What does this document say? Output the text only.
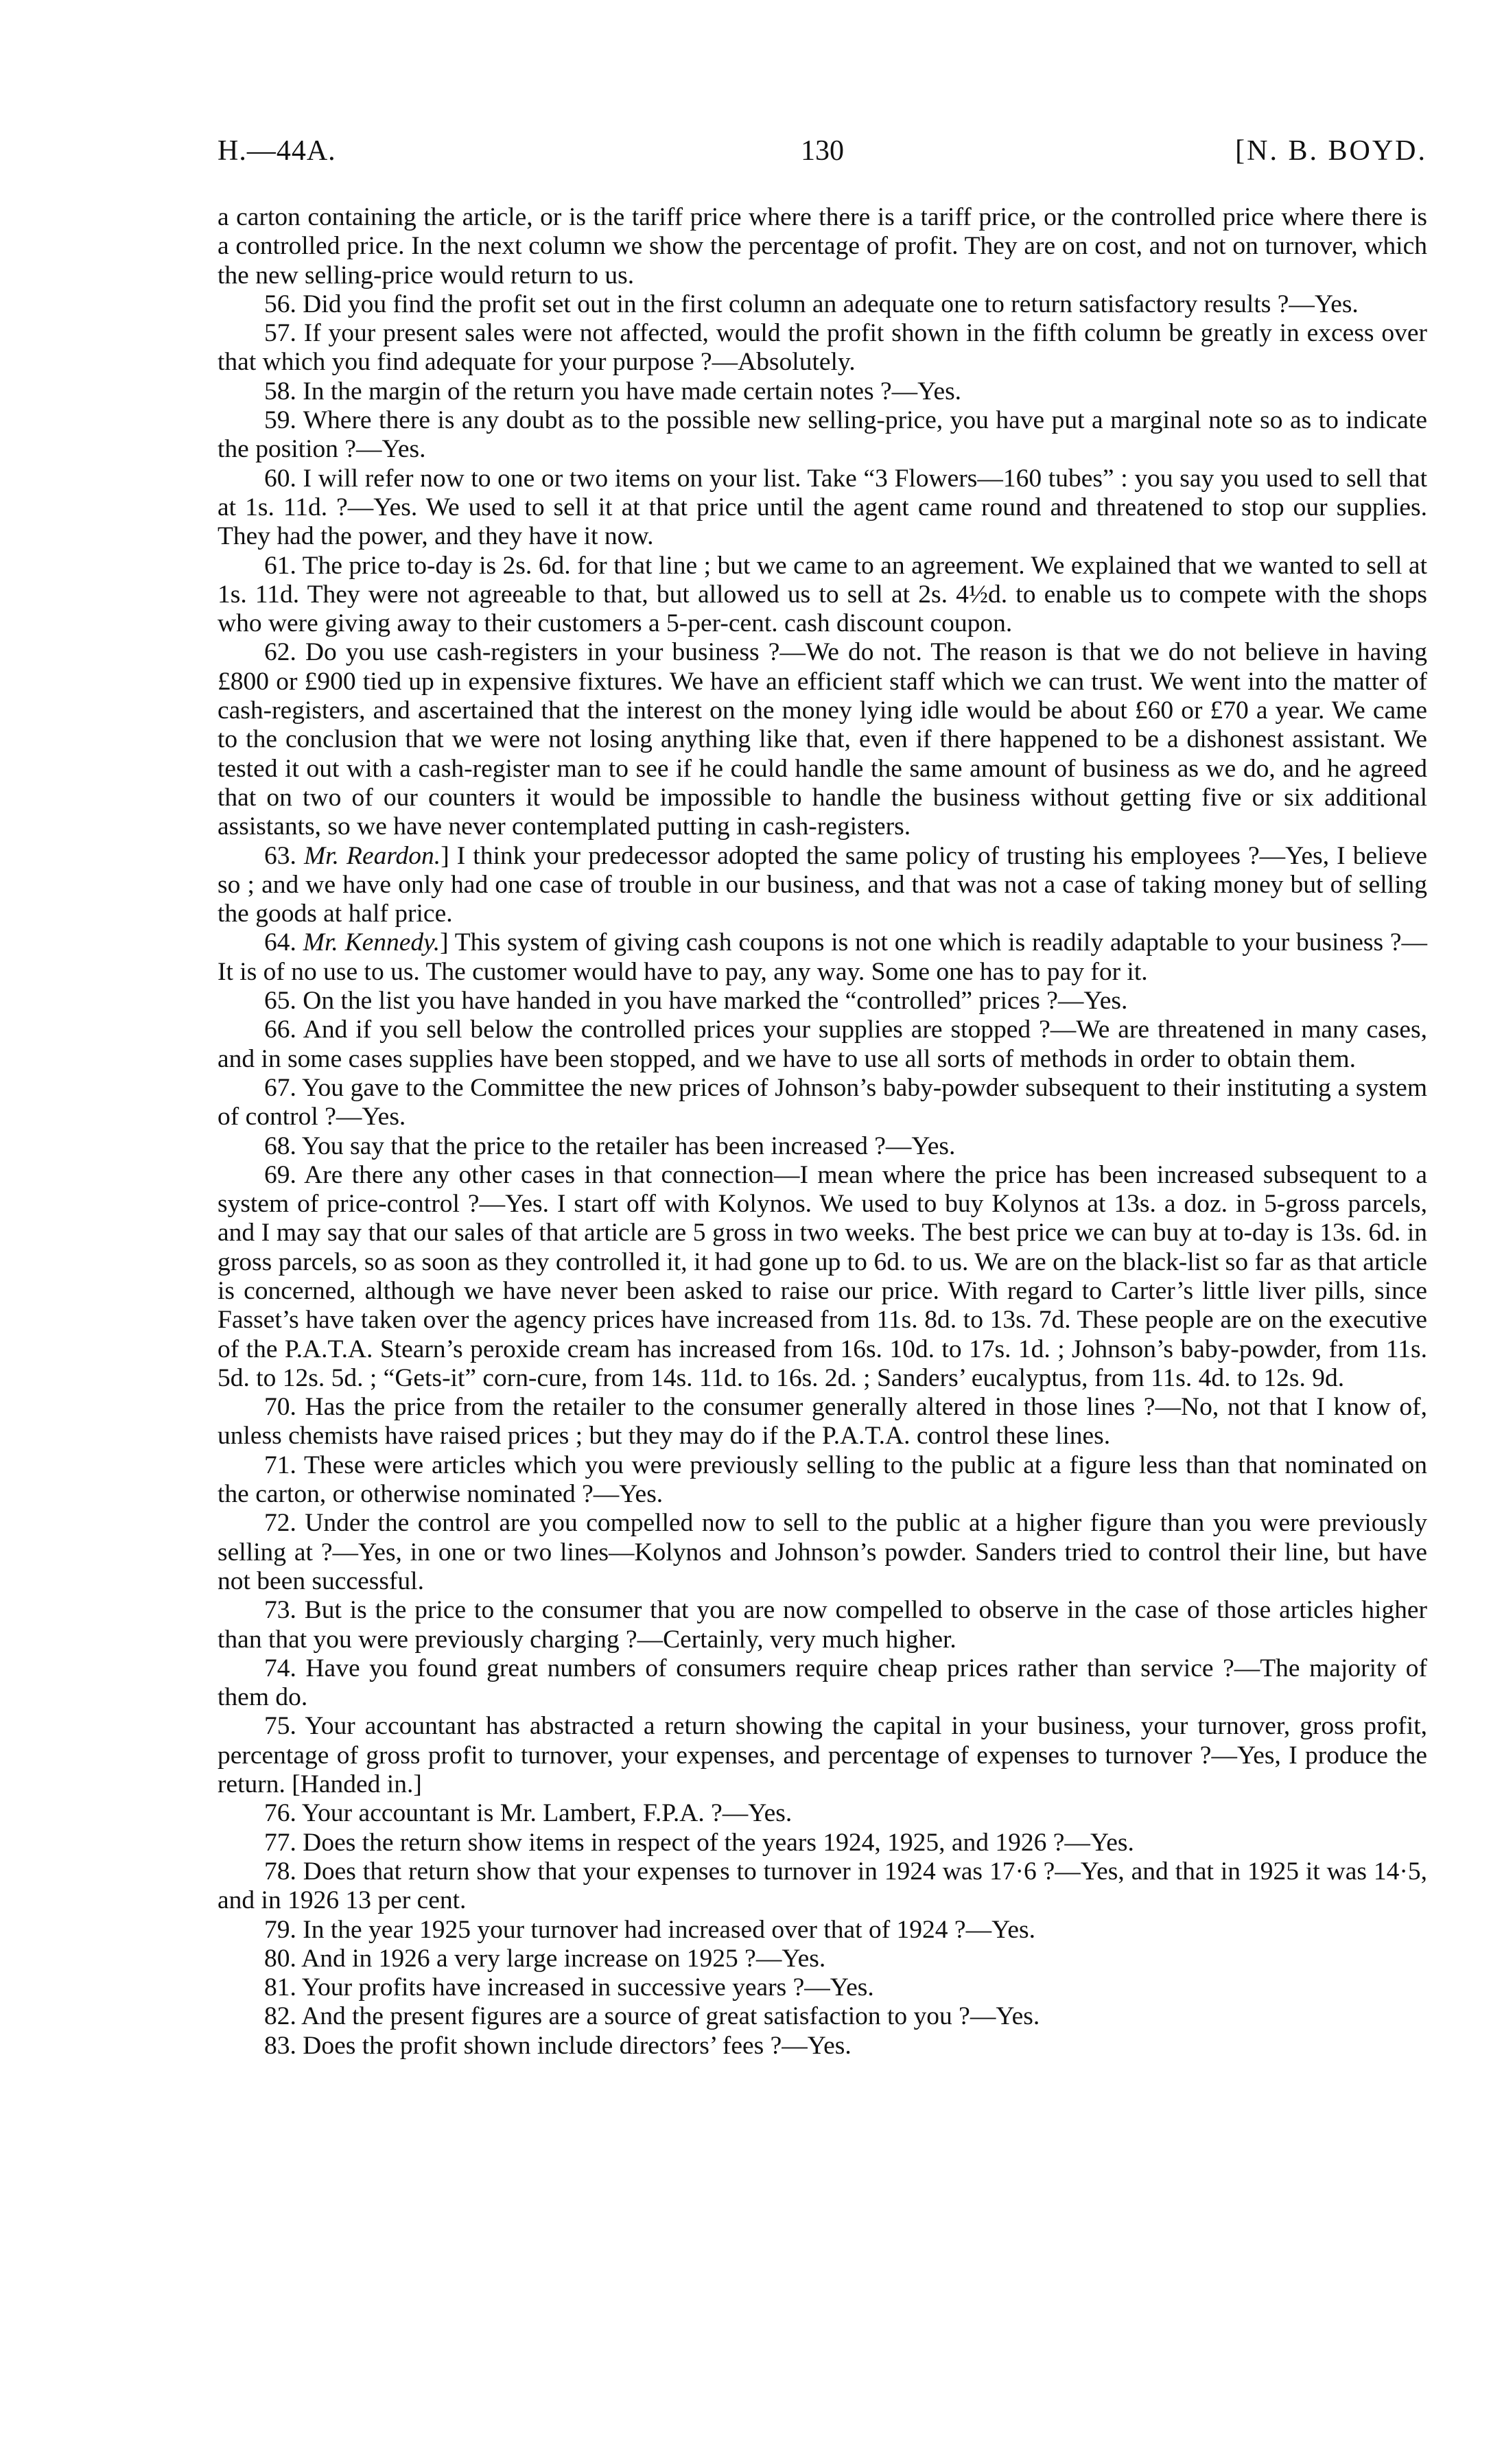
H.—44A.	130	[N. B. BOYD.

a carton containing the article, or is the tariff price where there is a tariff price, or the controlled price where there is a controlled price. In the next column we show the percentage of profit. They are on cost, and not on turnover, which the new selling-price would return to us.

56. Did you find the profit set out in the first column an adequate one to return satisfactory results ?—Yes.

57. If your present sales were not affected, would the profit shown in the fifth column be greatly in excess over that which you find adequate for your purpose ?—Absolutely.

58. In the margin of the return you have made certain notes ?—Yes.

59. Where there is any doubt as to the possible new selling-price, you have put a marginal note so as to indicate the position ?—Yes.

60. I will refer now to one or two items on your list. Take “3 Flowers—160 tubes” : you say you used to sell that at 1s. 11d. ?—Yes. We used to sell it at that price until the agent came round and threatened to stop our supplies. They had the power, and they have it now.

61. The price to-day is 2s. 6d. for that line ; but we came to an agreement. We explained that we wanted to sell at 1s. 11d. They were not agreeable to that, but allowed us to sell at 2s. 4½d. to enable us to compete with the shops who were giving away to their customers a 5-per-cent. cash discount coupon.

62. Do you use cash-registers in your business ?—We do not. The reason is that we do not believe in having £800 or £900 tied up in expensive fixtures. We have an efficient staff which we can trust. We went into the matter of cash-registers, and ascertained that the interest on the money lying idle would be about £60 or £70 a year. We came to the conclusion that we were not losing anything like that, even if there happened to be a dishonest assistant. We tested it out with a cash-register man to see if he could handle the same amount of business as we do, and he agreed that on two of our counters it would be impossible to handle the business without getting five or six additional assistants, so we have never contemplated putting in cash-registers.

63. Mr. Reardon.] I think your predecessor adopted the same policy of trusting his employees ?—Yes, I believe so ; and we have only had one case of trouble in our business, and that was not a case of taking money but of selling the goods at half price.

64. Mr. Kennedy.] This system of giving cash coupons is not one which is readily adaptable to your business ?—It is of no use to us. The customer would have to pay, any way. Some one has to pay for it.

65. On the list you have handed in you have marked the “controlled” prices ?—Yes.

66. And if you sell below the controlled prices your supplies are stopped ?—We are threatened in many cases, and in some cases supplies have been stopped, and we have to use all sorts of methods in order to obtain them.

67. You gave to the Committee the new prices of Johnson’s baby-powder subsequent to their instituting a system of control ?—Yes.

68. You say that the price to the retailer has been increased ?—Yes.

69. Are there any other cases in that connection—I mean where the price has been increased subsequent to a system of price-control ?—Yes. I start off with Kolynos. We used to buy Kolynos at 13s. a doz. in 5-gross parcels, and I may say that our sales of that article are 5 gross in two weeks. The best price we can buy at to-day is 13s. 6d. in gross parcels, so as soon as they controlled it, it had gone up to 6d. to us. We are on the black-list so far as that article is concerned, although we have never been asked to raise our price. With regard to Carter’s little liver pills, since Fasset’s have taken over the agency prices have increased from 11s. 8d. to 13s. 7d. These people are on the executive of the P.A.T.A. Stearn’s peroxide cream has increased from 16s. 10d. to 17s. 1d. ; Johnson’s baby-powder, from 11s. 5d. to 12s. 5d. ; “Gets-it” corn-cure, from 14s. 11d. to 16s. 2d. ; Sanders’ eucalyptus, from 11s. 4d. to 12s. 9d.

70. Has the price from the retailer to the consumer generally altered in those lines ?—No, not that I know of, unless chemists have raised prices ; but they may do if the P.A.T.A. control these lines.

71. These were articles which you were previously selling to the public at a figure less than that nominated on the carton, or otherwise nominated ?—Yes.

72. Under the control are you compelled now to sell to the public at a higher figure than you were previously selling at ?—Yes, in one or two lines—Kolynos and Johnson’s powder. Sanders tried to control their line, but have not been successful.

73. But is the price to the consumer that you are now compelled to observe in the case of those articles higher than that you were previously charging ?—Certainly, very much higher.

74. Have you found great numbers of consumers require cheap prices rather than service ?—The majority of them do.

75. Your accountant has abstracted a return showing the capital in your business, your turnover, gross profit, percentage of gross profit to turnover, your expenses, and percentage of expenses to turnover ?—Yes, I produce the return. [Handed in.]

76. Your accountant is Mr. Lambert, F.P.A. ?—Yes.

77. Does the return show items in respect of the years 1924, 1925, and 1926 ?—Yes.

78. Does that return show that your expenses to turnover in 1924 was 17·6 ?—Yes, and that in 1925 it was 14·5, and in 1926 13 per cent.

79. In the year 1925 your turnover had increased over that of 1924 ?—Yes.

80. And in 1926 a very large increase on 1925 ?—Yes.

81. Your profits have increased in successive years ?—Yes.

82. And the present figures are a source of great satisfaction to you ?—Yes.

83. Does the profit shown include directors’ fees ?—Yes.
